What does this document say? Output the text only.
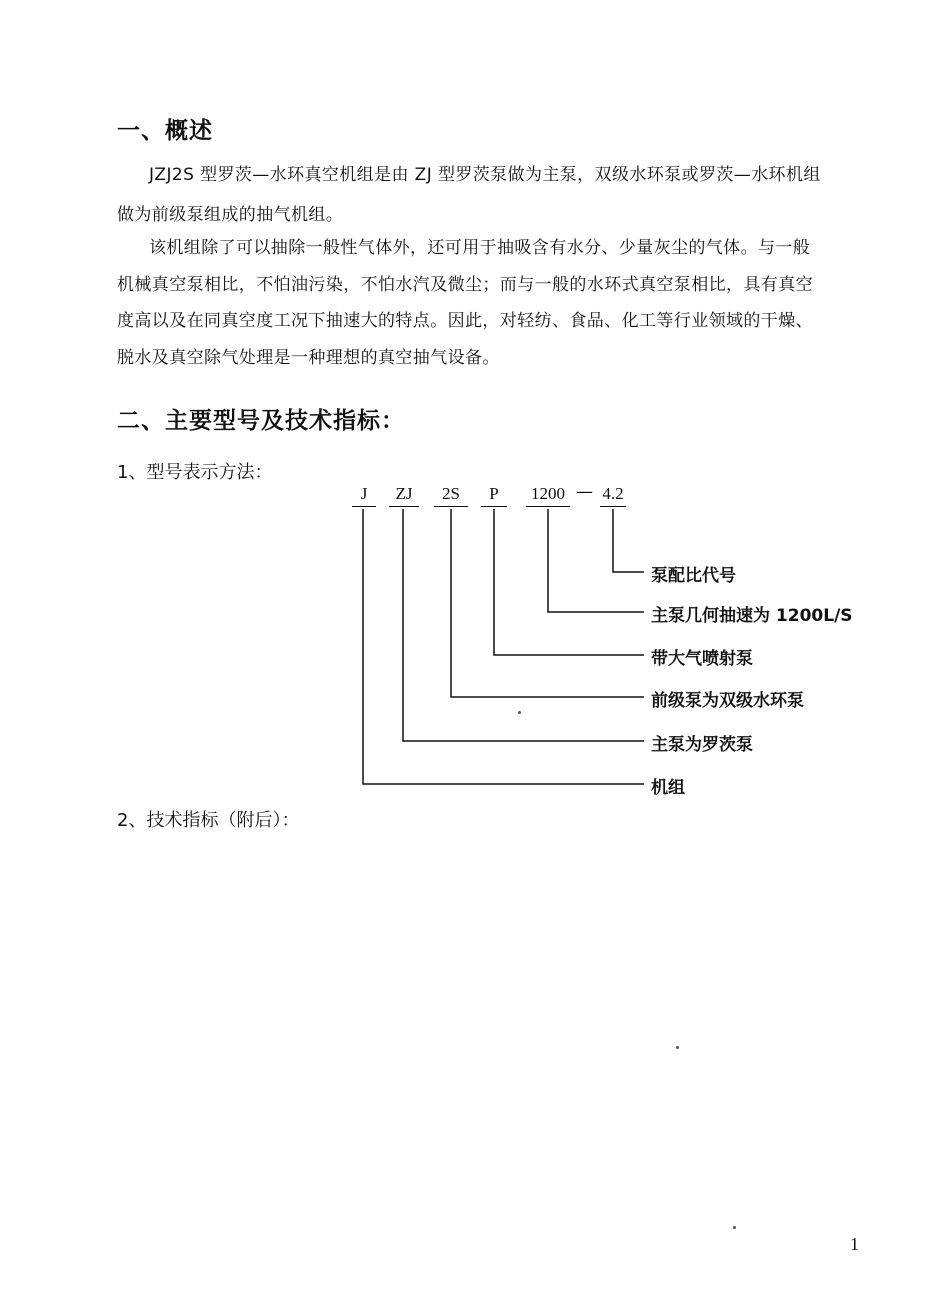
一、概述
JZJ2S 型罗茨—水环真空机组是由 ZJ 型罗茨泵做为主泵，双级水环泵或罗茨—水环机组
做为前级泵组成的抽气机组。
该机组除了可以抽除一般性气体外，还可用于抽吸含有水分、少量灰尘的气体。与一般
机械真空泵相比，不怕油污染，不怕水汽及微尘；而与一般的水环式真空泵相比，具有真空
度高以及在同真空度工况下抽速大的特点。因此，对轻纺、食品、化工等行业领域的干燥、
脱水及真空除气处理是一种理想的真空抽气设备。
二、主要型号及技术指标：
1、型号表示方法：
J	ZJ	2S	P	1200 — 4.2
泵配比代号
主泵几何抽速为 1200L/S
带大气喷射泵
前级泵为双级水环泵
主泵为罗茨泵
机组
2、技术指标（附后）：
1
